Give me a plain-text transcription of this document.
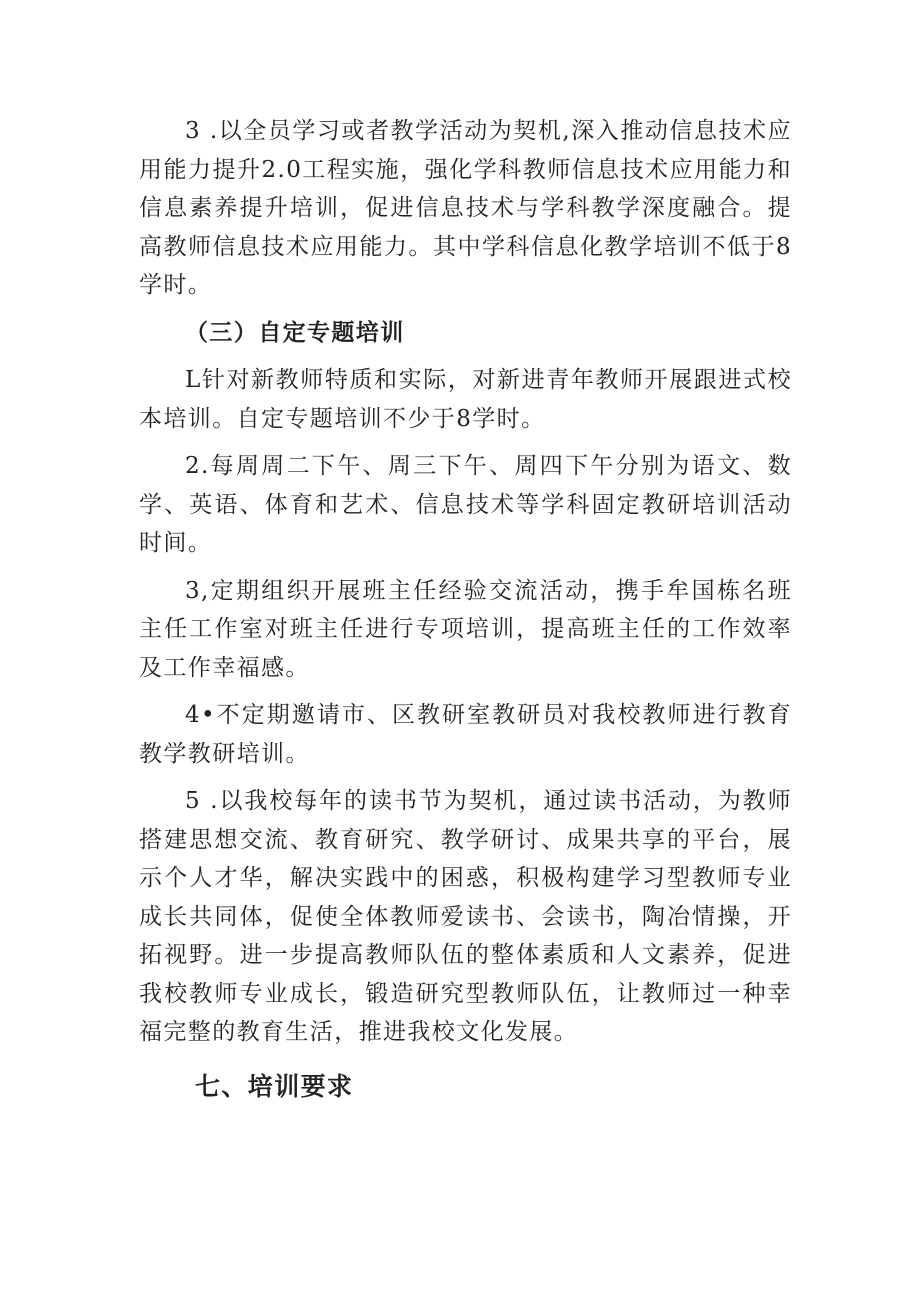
3 .以全员学习或者教学活动为契机,深入推动信息技术应用能力提升2.0工程实施，强化学科教师信息技术应用能力和信息素养提升培训，促进信息技术与学科教学深度融合。提高教师信息技术应用能力。其中学科信息化教学培训不低于8学时。

（三）自定专题培训

L针对新教师特质和实际，对新进青年教师开展跟进式校本培训。自定专题培训不少于8学时。

2.每周周二下午、周三下午、周四下午分别为语文、数学、英语、体育和艺术、信息技术等学科固定教研培训活动时间。

3,定期组织开展班主任经验交流活动，携手牟国栋名班主任工作室对班主任进行专项培训，提高班主任的工作效率及工作幸福感。

4•不定期邀请市、区教研室教研员对我校教师进行教育教学教研培训。

5 .以我校每年的读书节为契机，通过读书活动，为教师搭建思想交流、教育研究、教学研讨、成果共享的平台，展示个人才华，解决实践中的困惑，积极构建学习型教师专业成长共同体，促使全体教师爱读书、会读书，陶冶情操，开拓视野。进一步提高教师队伍的整体素质和人文素养，促进我校教师专业成长，锻造研究型教师队伍，让教师过一种幸福完整的教育生活，推进我校文化发展。

七、培训要求
